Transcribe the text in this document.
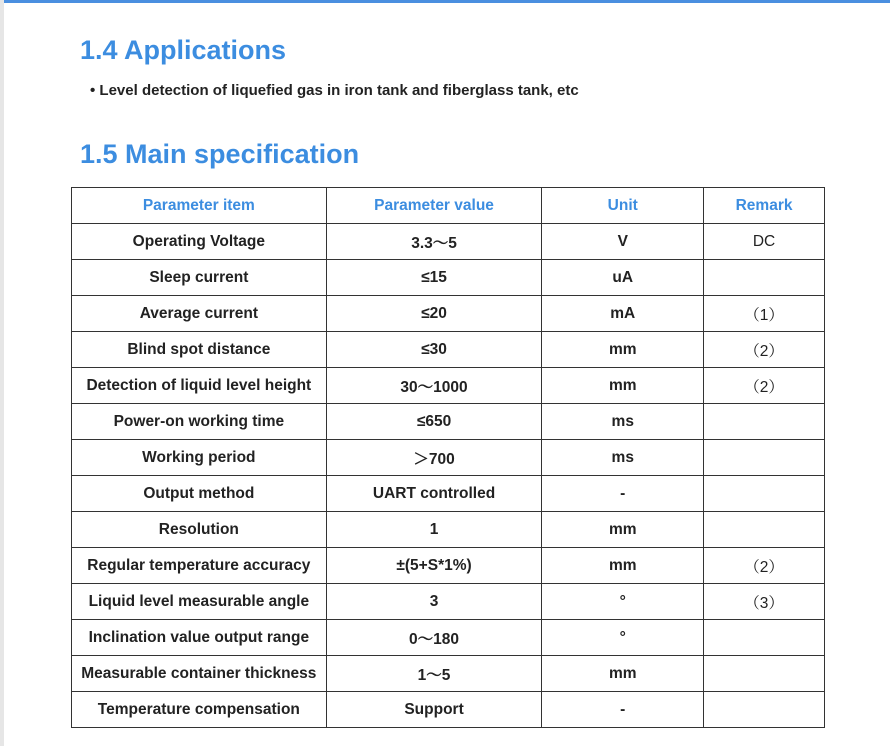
1.4 Applications
• Level detection of liquefied gas in iron tank and fiberglass tank, etc
1.5 Main specification
Parameter item	Parameter value	Unit	Remark
Operating Voltage	3.3～5	V	DC
Sleep current	≤15	uA	
Average current	≤20	mA	（1）
Blind spot distance	≤30	mm	（2）
Detection of liquid level height	30～1000	mm	（2）
Power-on working time	≤650	ms	
Working period	＞700	ms	
Output method	UART controlled	-	
Resolution	1	mm	
Regular temperature accuracy	±(5+S*1%)	mm	（2）
Liquid level measurable angle	3	°	（3）
Inclination value output range	0～180	°	
Measurable container thickness	1～5	mm	
Temperature compensation	Support	-	
